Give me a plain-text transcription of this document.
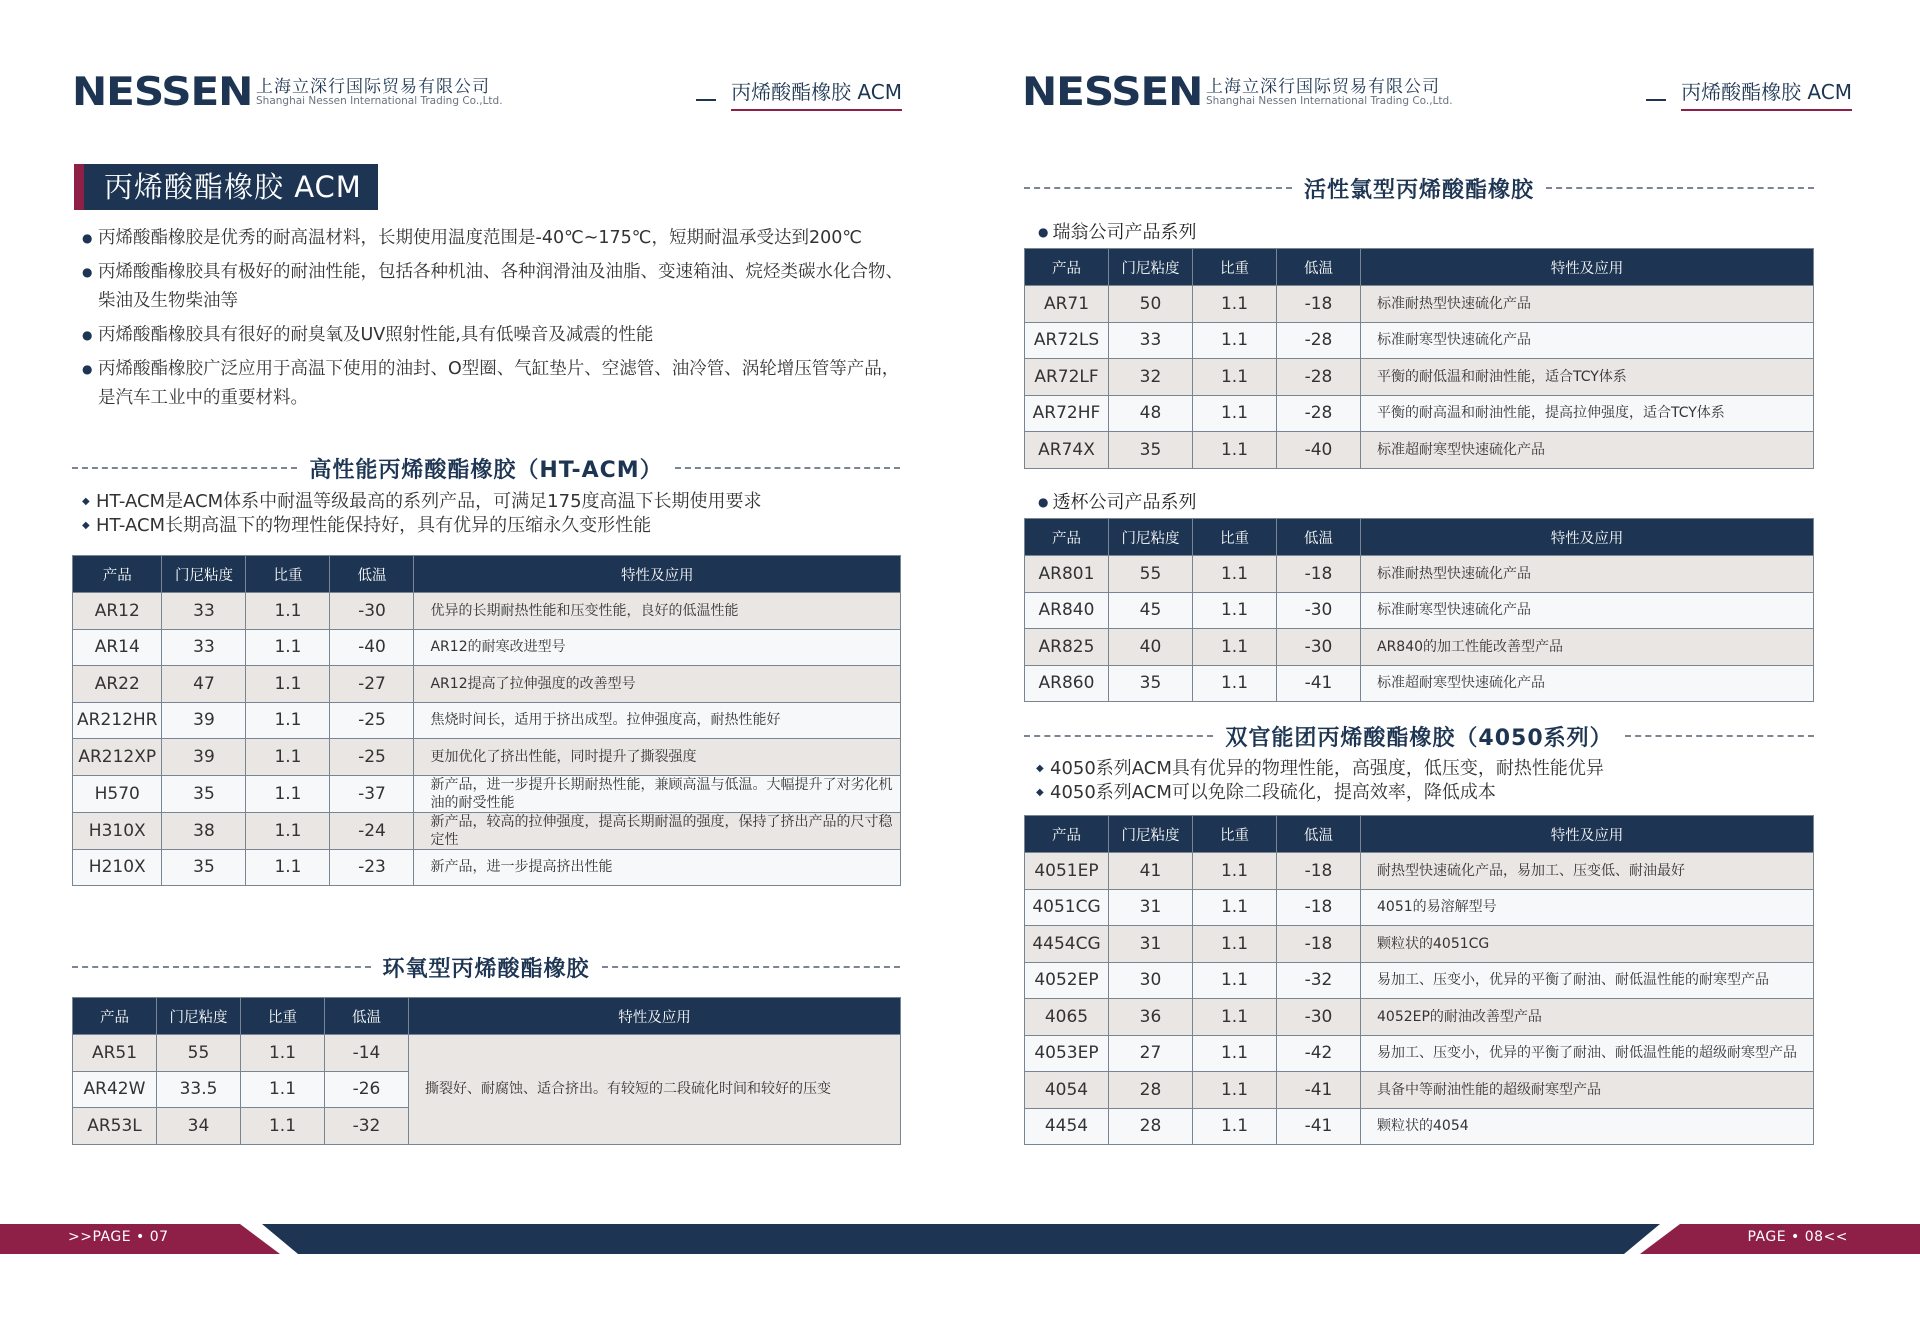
NESSEN 上海立深行国际贸易有限公司
Shanghai Nessen International Trading Co.,Ltd.	丙烯酸酯橡胶 ACM
丙烯酸酯橡胶 ACM
● 丙烯酸酯橡胶是优秀的耐高温材料，长期使用温度范围是-40℃~175℃，短期耐温承受达到200℃
● 丙烯酸酯橡胶具有极好的耐油性能，包括各种机油、各种润滑油及油脂、变速箱油、烷烃类碳水化合物、柴油及生物柴油等
● 丙烯酸酯橡胶具有很好的耐臭氧及UV照射性能,具有低噪音及减震的性能
● 丙烯酸酯橡胶广泛应用于高温下使用的油封、O型圈、气缸垫片、空滤管、油冷管、涡轮增压管等产品，是汽车工业中的重要材料。
高性能丙烯酸酯橡胶（HT-ACM）
◆ HT-ACM是ACM体系中耐温等级最高的系列产品，可满足175度高温下长期使用要求
◆ HT-ACM长期高温下的物理性能保持好，具有优异的压缩永久变形性能
产品	门尼粘度	比重	低温	特性及应用
AR12	33	1.1	-30	优异的长期耐热性能和压变性能，良好的低温性能
AR14	33	1.1	-40	AR12的耐寒改进型号
AR22	47	1.1	-27	AR12提高了拉伸强度的改善型号
AR212HR	39	1.1	-25	焦烧时间长，适用于挤出成型。拉伸强度高，耐热性能好
AR212XP	39	1.1	-25	更加优化了挤出性能，同时提升了撕裂强度
H570	35	1.1	-37	新产品，进一步提升长期耐热性能，兼顾高温与低温。大幅提升了对劣化机油的耐受性能
H310X	38	1.1	-24	新产品，较高的拉伸强度，提高长期耐温的强度，保持了挤出产品的尺寸稳定性
H210X	35	1.1	-23	新产品，进一步提高挤出性能
环氧型丙烯酸酯橡胶
产品	门尼粘度	比重	低温	特性及应用
AR51	55	1.1	-14	撕裂好、耐腐蚀、适合挤出。有较短的二段硫化时间和较好的压变
AR42W	33.5	1.1	-26	
AR53L	34	1.1	-32	
NESSEN 上海立深行国际贸易有限公司
Shanghai Nessen International Trading Co.,Ltd.	丙烯酸酯橡胶 ACM
活性氯型丙烯酸酯橡胶
● 瑞翁公司产品系列
产品	门尼粘度	比重	低温	特性及应用
AR71	50	1.1	-18	标准耐热型快速硫化产品
AR72LS	33	1.1	-28	标准耐寒型快速硫化产品
AR72LF	32	1.1	-28	平衡的耐低温和耐油性能，适合TCY体系
AR72HF	48	1.1	-28	平衡的耐高温和耐油性能，提高拉伸强度，适合TCY体系
AR74X	35	1.1	-40	标准超耐寒型快速硫化产品
● 透杯公司产品系列
产品	门尼粘度	比重	低温	特性及应用
AR801	55	1.1	-18	标准耐热型快速硫化产品
AR840	45	1.1	-30	标准耐寒型快速硫化产品
AR825	40	1.1	-30	AR840的加工性能改善型产品
AR860	35	1.1	-41	标准超耐寒型快速硫化产品
双官能团丙烯酸酯橡胶（4050系列）
◆ 4050系列ACM具有优异的物理性能，高强度，低压变，耐热性能优异
◆ 4050系列ACM可以免除二段硫化，提高效率，降低成本
产品	门尼粘度	比重	低温	特性及应用
4051EP	41	1.1	-18	耐热型快速硫化产品，易加工、压变低、耐油最好
4051CG	31	1.1	-18	4051的易溶解型号
4454CG	31	1.1	-18	颗粒状的4051CG
4052EP	30	1.1	-32	易加工、压变小，优异的平衡了耐油、耐低温性能的耐寒型产品
4065	36	1.1	-30	4052EP的耐油改善型产品
4053EP	27	1.1	-42	易加工、压变小，优异的平衡了耐油、耐低温性能的超级耐寒型产品
4054	28	1.1	-41	具备中等耐油性能的超级耐寒型产品
4454	28	1.1	-41	颗粒状的4054
>>PAGE • 07	PAGE • 08<<
